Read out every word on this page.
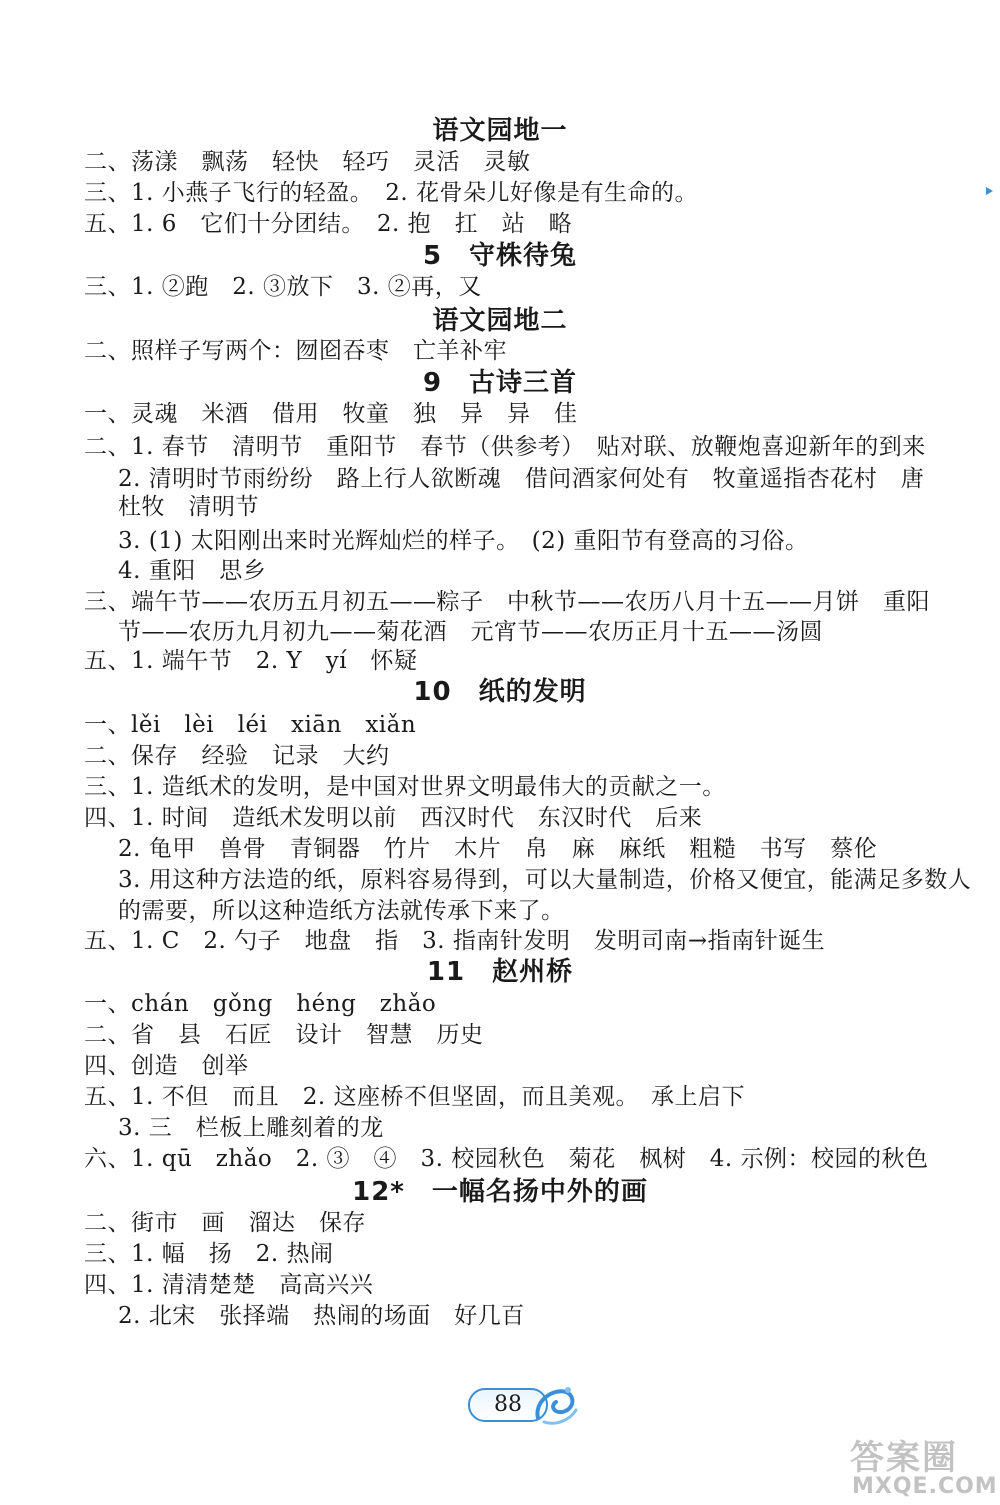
语文园地一
二、荡漾　飘荡　轻快　轻巧　灵活　灵敏
三、1. 小燕子飞行的轻盈。　2. 花骨朵儿好像是有生命的。
五、1. 6　它们十分团结。　2. 抱　扛　站　略
5　守株待兔
三、1. ②跑　2. ③放下　3. ②再，又
语文园地二
二、照样子写两个：囫囵吞枣　亡羊补牢
9　古诗三首
一、灵魂　米酒　借用　牧童　独　异　异　佳
二、1. 春节　清明节　重阳节　春节（供参考）　贴对联、放鞭炮喜迎新年的到来
2. 清明时节雨纷纷　路上行人欲断魂　借问酒家何处有　牧童遥指杏花村　唐
杜牧　清明节
3. (1) 太阳刚出来时光辉灿烂的样子。　(2) 重阳节有登高的习俗。
4. 重阳　思乡
三、端午节——农历五月初五——粽子　中秋节——农历八月十五——月饼　重阳
节——农历九月初九——菊花酒　元宵节——农历正月十五——汤圆
五、1. 端午节　2. Y　yí　怀疑
10　纸的发明
一、lěi　lèi　léi　xiān　xiǎn
二、保存　经验　记录　大约
三、1. 造纸术的发明，是中国对世界文明最伟大的贡献之一。
四、1. 时间　造纸术发明以前　西汉时代　东汉时代　后来
2. 龟甲　兽骨　青铜器　竹片　木片　帛　麻　麻纸　粗糙　书写　蔡伦
3. 用这种方法造的纸，原料容易得到，可以大量制造，价格又便宜，能满足多数人
的需要，所以这种造纸方法就传承下来了。
五、1. C　2. 勺子　地盘　指　3. 指南针发明　发明司南→指南针诞生
11　赵州桥
一、chán　gǒng　héng　zhǎo
二、省　县　石匠　设计　智慧　历史
四、创造　创举
五、1. 不但　而且　2. 这座桥不但坚固，而且美观。　承上启下
3. 三　栏板上雕刻着的龙
六、1. qū　zhǎo　2. ③　④　3. 校园秋色　菊花　枫树　4. 示例：校园的秋色
12*　一幅名扬中外的画
二、街市　画　溜达　保存
三、1. 幅　扬　2. 热闹
四、1. 清清楚楚　高高兴兴
2. 北宋　张择端　热闹的场面　好几百
88
答案圈
MXQE.COM
